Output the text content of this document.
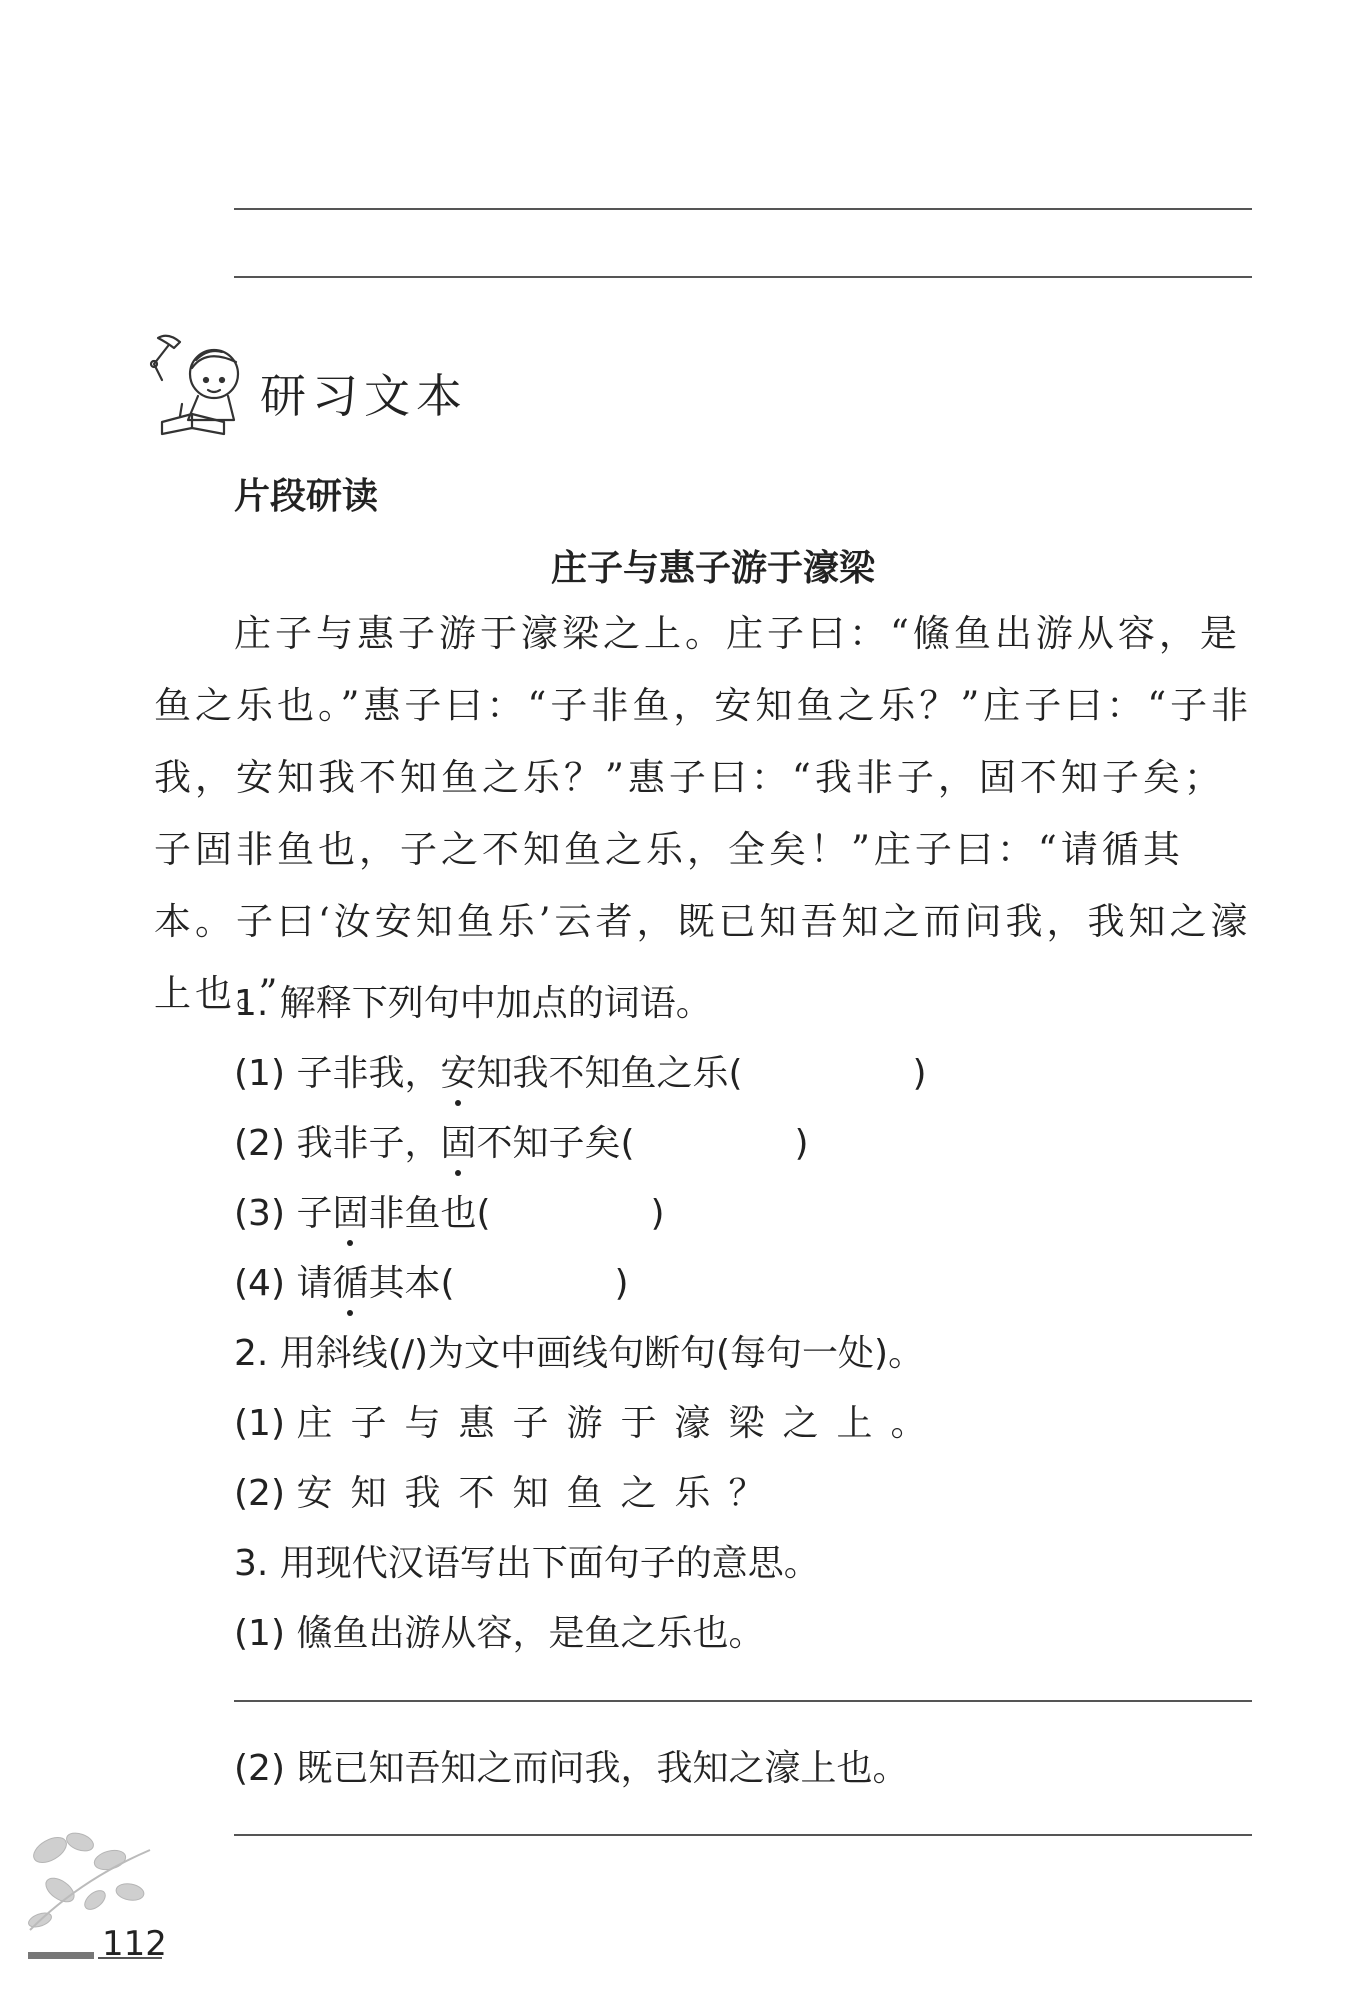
研习文本
片段研读
庄子与惠子游于濠梁
庄子与惠子游于濠梁之上。庄子曰：“鯈鱼出游从容，是鱼之乐也。”惠子曰：“子非鱼，安知鱼之乐？”庄子曰：“子非我，安知我不知鱼之乐？”惠子曰：“我非子，固不知子矣；子固非鱼也，子之不知鱼之乐，全矣！”庄子曰：“请循其本。子曰‘汝安知鱼乐’云者，既已知吾知之而问我，我知之濠上也。”
1. 解释下列句中加点的词语。
(1) 子非我，安知我不知鱼之乐(	)
(2) 我非子，固不知子矣(	)
(3) 子固非鱼也(	)
(4) 请循其本(	)
2. 用斜线(/)为文中画线句断句(每句一处)。
(1) 庄子与惠子游于濠梁之上。
(2) 安知我不知鱼之乐？
3. 用现代汉语写出下面句子的意思。
(1) 鯈鱼出游从容，是鱼之乐也。
(2) 既已知吾知之而问我，我知之濠上也。
112
